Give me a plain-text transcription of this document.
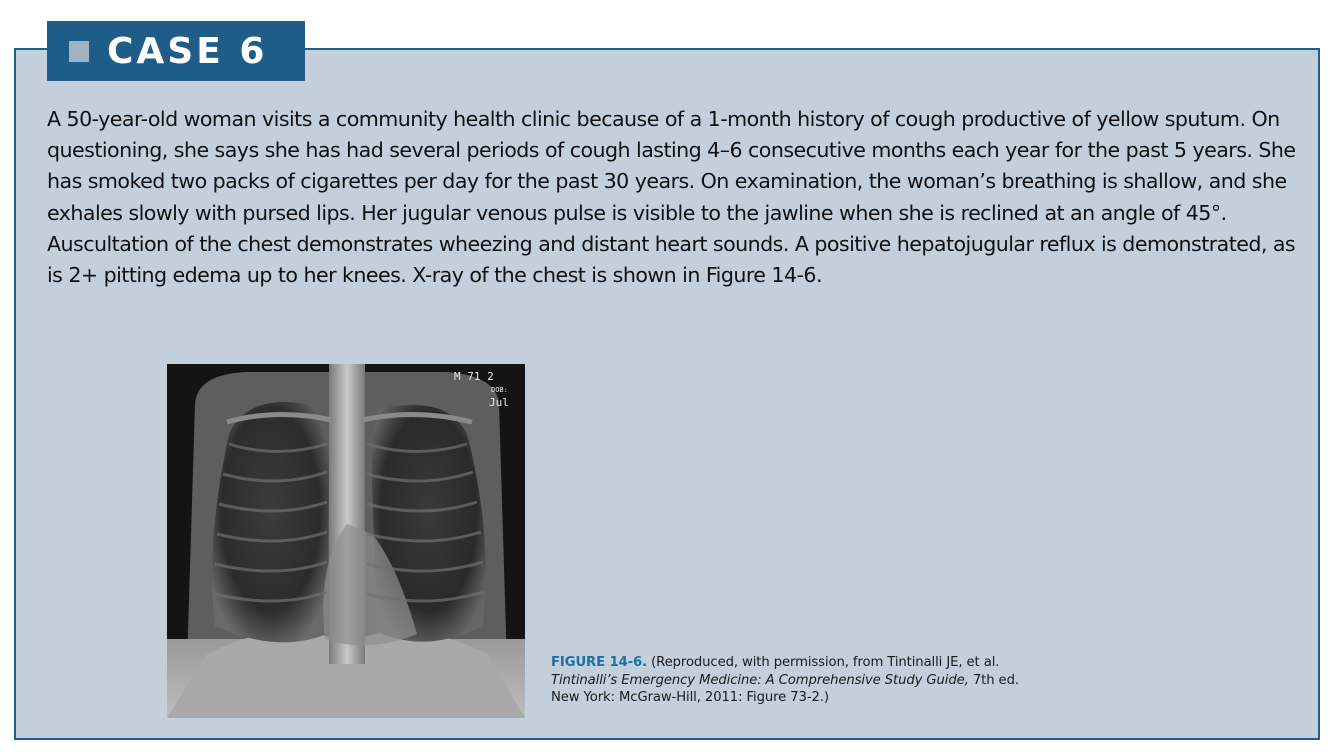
CASE 6

A 50-year-old woman visits a community health clinic because of a 1-month history of cough productive of yellow sputum. On questioning, she says she has had several periods of cough lasting 4–6 consecutive months each year for the past 5 years. She has smoked two packs of cigarettes per day for the past 30 years. On examination, the woman’s breathing is shallow, and she exhales slowly with pursed lips. Her jugular venous pulse is visible to the jawline when she is reclined at an angle of 45°. Auscultation of the chest demonstrates wheezing and distant heart sounds. A positive hepatojugular reflux is demonstrated, as is 2+ pitting edema up to her knees. X-ray of the chest is shown in Figure 14-6.

M 71 2
DOB:
Jul
FIGURE 14-6. (Reproduced, with permission, from Tintinalli JE, et al.
Tintinalli’s Emergency Medicine: A Comprehensive Study Guide, 7th ed.
New York: McGraw-Hill, 2011: Figure 73-2.)
